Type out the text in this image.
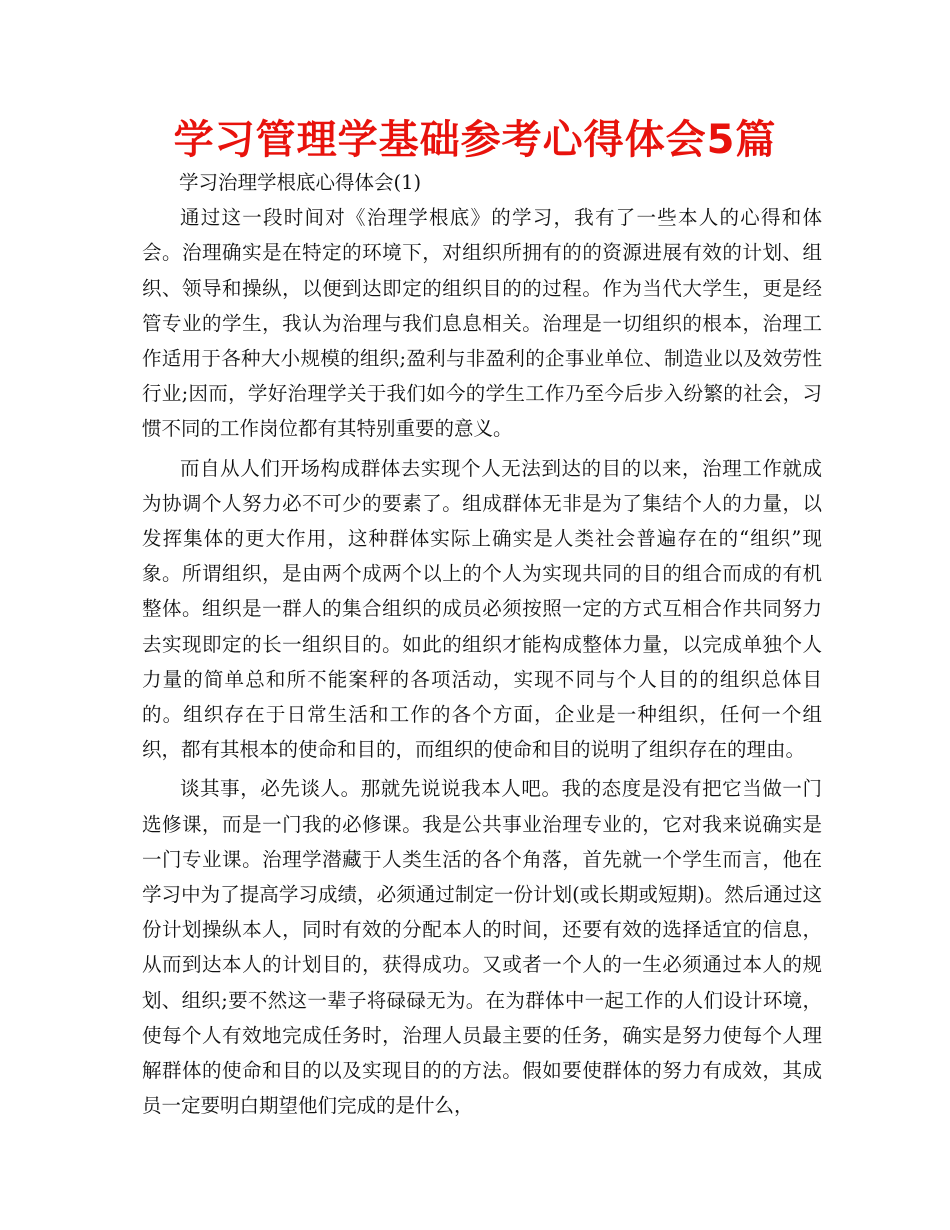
学习管理学基础参考心得体会5篇

学习治理学根底心得体会(1)

通过这一段时间对《治理学根底》的学习，我有了一些本人的心得和体会。治理确实是在特定的环境下，对组织所拥有的的资源进展有效的计划、组织、领导和操纵，以便到达即定的组织目的的过程。作为当代大学生，更是经管专业的学生，我认为治理与我们息息相关。治理是一切组织的根本，治理工作适用于各种大小规模的组织;盈利与非盈利的企事业单位、制造业以及效劳性行业;因而，学好治理学关于我们如今的学生工作乃至今后步入纷繁的社会，习惯不同的工作岗位都有其特别重要的意义。

而自从人们开场构成群体去实现个人无法到达的目的以来，治理工作就成为协调个人努力必不可少的要素了。组成群体无非是为了集结个人的力量，以发挥集体的更大作用，这种群体实际上确实是人类社会普遍存在的“组织”现象。所谓组织，是由两个成两个以上的个人为实现共同的目的组合而成的有机整体。组织是一群人的集合组织的成员必须按照一定的方式互相合作共同努力去实现即定的长一组织目的。如此的组织才能构成整体力量，以完成单独个人力量的简单总和所不能案秤的各项活动，实现不同与个人目的的组织总体目的。组织存在于日常生活和工作的各个方面，企业是一种组织，任何一个组织，都有其根本的使命和目的，而组织的使命和目的说明了组织存在的理由。

谈其事，必先谈人。那就先说说我本人吧。我的态度是没有把它当做一门选修课，而是一门我的必修课。我是公共事业治理专业的，它对我来说确实是一门专业课。治理学潜藏于人类生活的各个角落，首先就一个学生而言，他在学习中为了提高学习成绩，必须通过制定一份计划(或长期或短期)。然后通过这份计划操纵本人，同时有效的分配本人的时间，还要有效的选择适宜的信息，从而到达本人的计划目的，获得成功。又或者一个人的一生必须通过本人的规划、组织;要不然这一辈子将碌碌无为。在为群体中一起工作的人们设计环境，使每个人有效地完成任务时，治理人员最主要的任务，确实是努力使每个人理解群体的使命和目的以及实现目的的方法。假如要使群体的努力有成效，其成员一定要明白期望他们完成的是什么，
